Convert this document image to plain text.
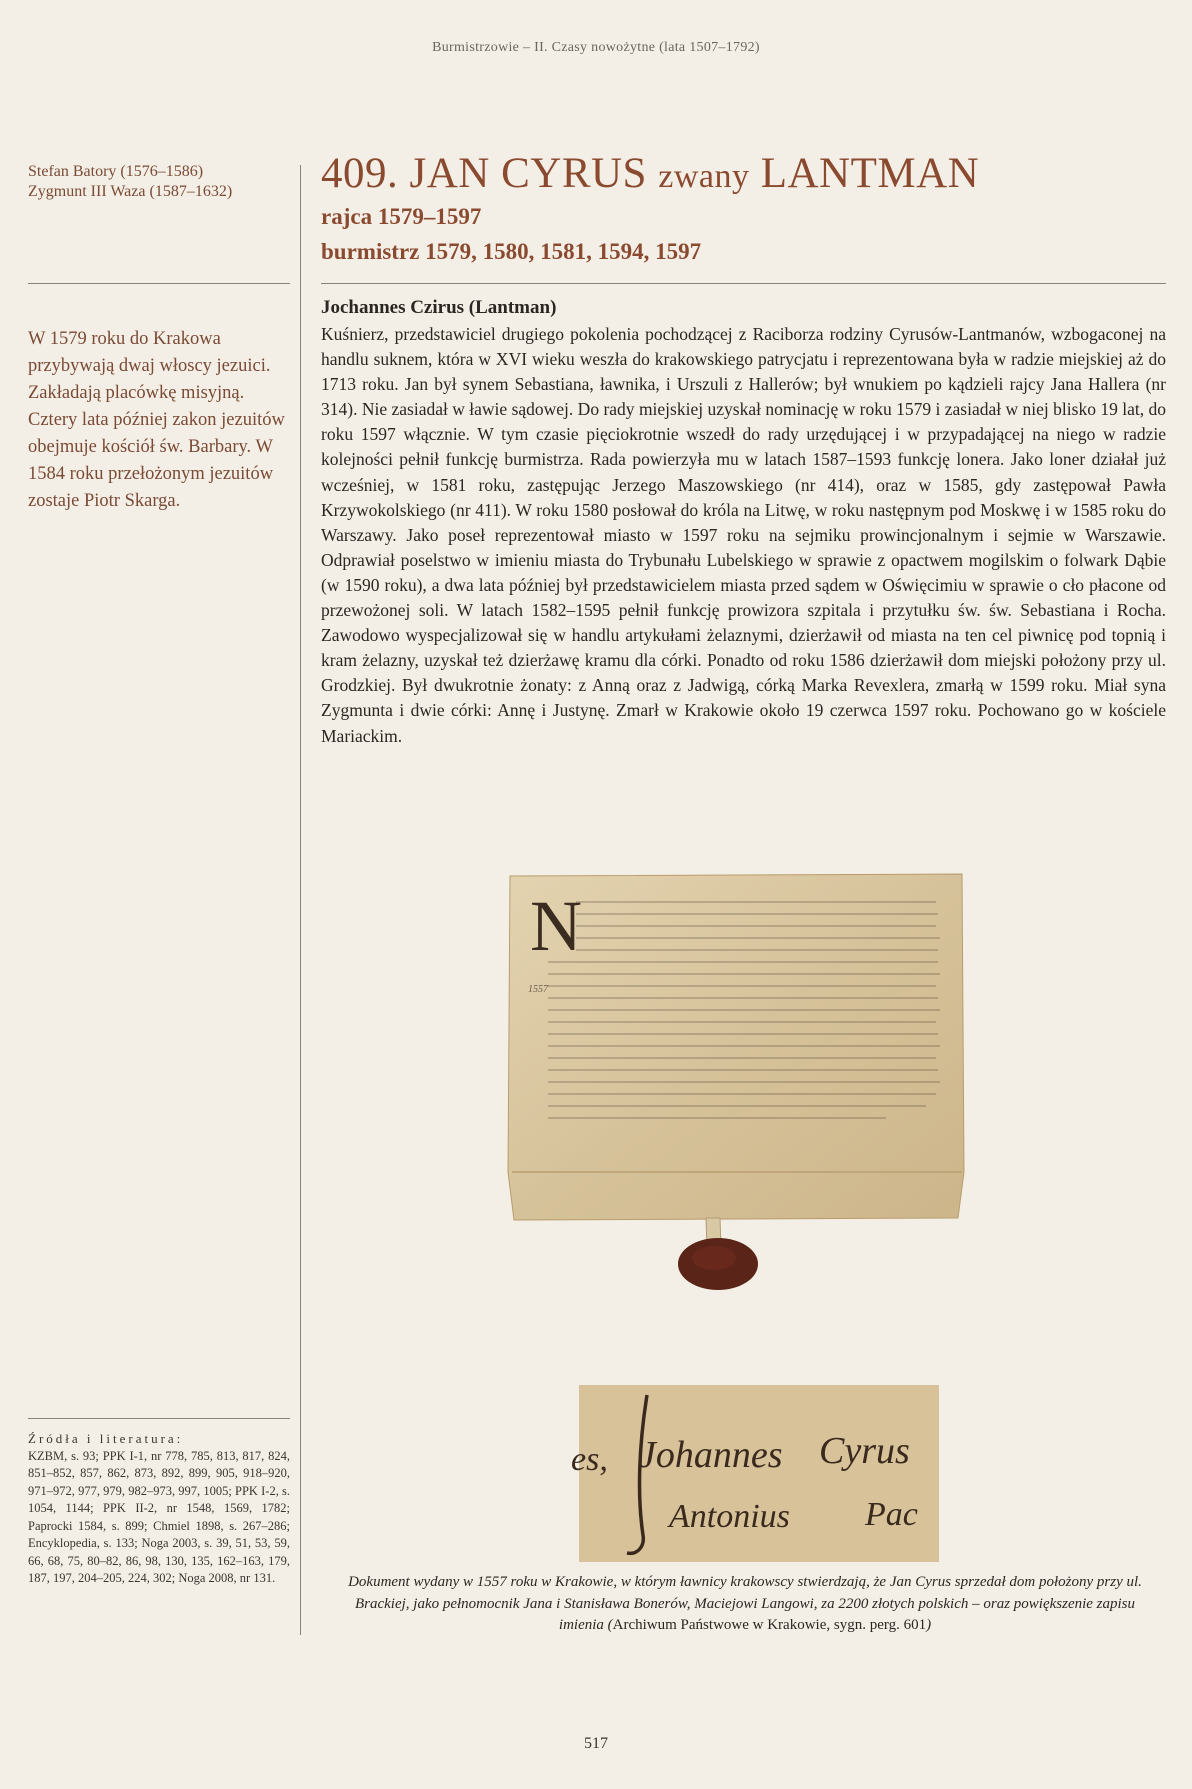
Burmistrzowie – II. Czasy nowożytne (lata 1507–1792)
Stefan Batory (1576–1586)
Zygmunt III Waza (1587–1632)
W 1579 roku do Krakowa przybywają dwaj włoscy jezuici. Zakładają placówkę misyjną. Cztery lata później zakon jezuitów obejmuje kościół św. Barbary. W 1584 roku przełożonym jezuitów zostaje Piotr Skarga.
Źródła i literatura:
KZBM, s. 93; PPK I-1, nr 778, 785, 813, 817, 824, 851–852, 857, 862, 873, 892, 899, 905, 918–920, 971–972, 977, 979, 982–973, 997, 1005; PPK I-2, s. 1054, 1144; PPK II-2, nr 1548, 1569, 1782; Paprocki 1584, s. 899; Chmiel 1898, s. 267–286; Encyklopedia, s. 133; Noga 2003, s. 39, 51, 53, 59, 66, 68, 75, 80–82, 86, 98, 130, 135, 162–163, 179, 187, 197, 204–205, 224, 302; Noga 2008, nr 131.
409. JAN CYRUS zwany LANTMAN
rajca 1579–1597
burmistrz 1579, 1580, 1581, 1594, 1597
Jochannes Czirus (Lantman)
Kuśnierz, przedstawiciel drugiego pokolenia pochodzącej z Raciborza rodziny Cyrusów-Lantmanów, wzbogaconej na handlu suknem, która w XVI wieku weszła do krakowskiego patrycjatu i reprezentowana była w radzie miejskiej aż do 1713 roku. Jan był synem Sebastiana, ławnika, i Urszuli z Hallerów; był wnukiem po kądzieli rajcy Jana Hallera (nr 314). Nie zasiadał w ławie sądowej. Do rady miejskiej uzyskał nominację w roku 1579 i zasiadał w niej blisko 19 lat, do roku 1597 włącznie. W tym czasie pięciokrotnie wszedł do rady urzędującej i w przypadającej na niego w radzie kolejności pełnił funkcję burmistrza. Rada powierzyła mu w latach 1587–1593 funkcję lonera. Jako loner działał już wcześniej, w 1581 roku, zastępując Jerzego Maszowskiego (nr 414), oraz w 1585, gdy zastępował Pawła Krzywokolskiego (nr 411). W roku 1580 posłował do króla na Litwę, w roku następnym pod Moskwę i w 1585 roku do Warszawy. Jako poseł reprezentował miasto w 1597 roku na sejmiku prowincjonalnym i sejmie w Warszawie. Odprawiał poselstwo w imieniu miasta do Trybunału Lubelskiego w sprawie z opactwem mogilskim o folwark Dąbie (w 1590 roku), a dwa lata później był przedstawicielem miasta przed sądem w Oświęcimiu w sprawie o cło płacone od przewożonej soli. W latach 1582–1595 pełnił funkcję prowizora szpitala i przytułku św. św. Sebastiana i Rocha. Zawodowo wyspecjalizował się w handlu artykułami żelaznymi, dzierżawił od miasta na ten cel piwnicę pod topnią i kram żelazny, uzyskał też dzierżawę kramu dla córki. Ponadto od roku 1586 dzierżawił dom miejski położony przy ul. Grodzkiej. Był dwukrotnie żonaty: z Anną oraz z Jadwigą, córką Marka Revexlera, zmarłą w 1599 roku. Miał syna Zygmunta i dwie córki: Annę i Justynę. Zmarł w Krakowie około 19 czerwca 1597 roku. Pochowano go w kościele Mariackim.
N
1557
es, Johannes Cyrus
Antonius Pac
Dokument wydany w 1557 roku w Krakowie, w którym ławnicy krakowscy stwierdzają, że Jan Cyrus sprzedał dom położony przy ul. Brackiej, jako pełnomocnik Jana i Stanisława Bonerów, Maciejowi Langowi, za 2200 złotych polskich – oraz powiększenie zapisu imienia (Archiwum Państwowe w Krakowie, sygn. perg. 601)
517
